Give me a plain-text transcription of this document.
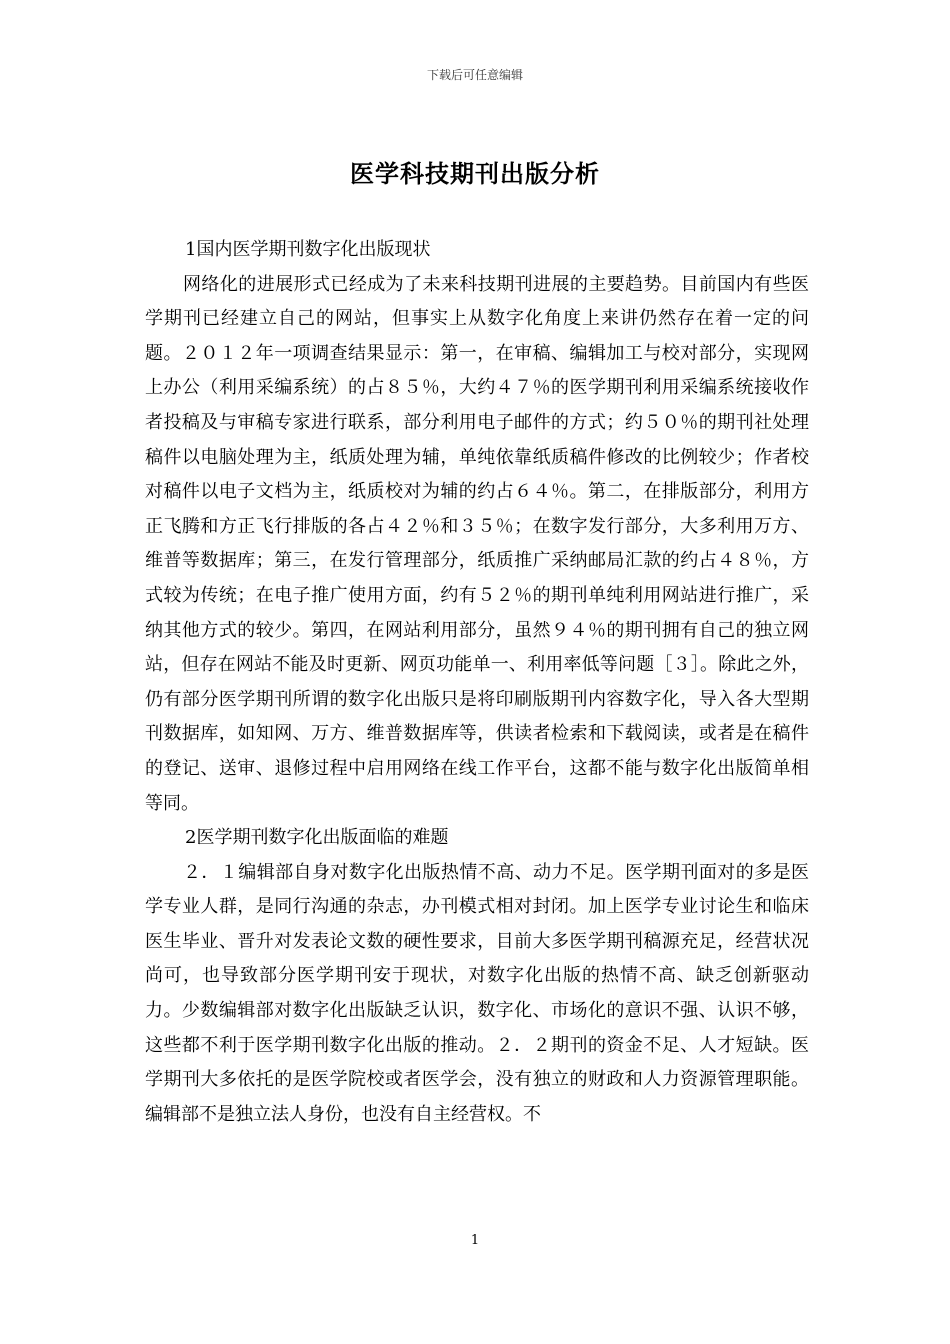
下载后可任意编辑
医学科技期刊出版分析

1国内医学期刊数字化出版现状

网络化的进展形式已经成为了未来科技期刊进展的主要趋势。目前国内有些医学期刊已经建立自己的网站，但事实上从数字化角度上来讲仍然存在着一定的问题。２０１２年一项调查结果显示：第一，在审稿、编辑加工与校对部分，实现网上办公（利用采编系统）的占８５％，大约４７％的医学期刊利用采编系统接收作者投稿及与审稿专家进行联系，部分利用电子邮件的方式；约５０％的期刊社处理稿件以电脑处理为主，纸质处理为辅，单纯依靠纸质稿件修改的比例较少；作者校对稿件以电子文档为主，纸质校对为辅的约占６４％。第二，在排版部分，利用方正飞腾和方正飞行排版的各占４２％和３５％；在数字发行部分，大多利用万方、维普等数据库；第三，在发行管理部分，纸质推广采纳邮局汇款的约占４８％，方式较为传统；在电子推广使用方面，约有５２％的期刊单纯利用网站进行推广，采纳其他方式的较少。第四，在网站利用部分，虽然９４％的期刊拥有自己的独立网站，但存在网站不能及时更新、网页功能单一、利用率低等问题［３］。除此之外，仍有部分医学期刊所谓的数字化出版只是将印刷版期刊内容数字化，导入各大型期刊数据库，如知网、万方、维普数据库等，供读者检索和下载阅读，或者是在稿件的登记、送审、退修过程中启用网络在线工作平台，这都不能与数字化出版简单相等同。

2医学期刊数字化出版面临的难题

２．１编辑部自身对数字化出版热情不高、动力不足。医学期刊面对的多是医学专业人群，是同行沟通的杂志，办刊模式相对封闭。加上医学专业讨论生和临床医生毕业、晋升对发表论文数的硬性要求，目前大多医学期刊稿源充足，经营状况尚可，也导致部分医学期刊安于现状，对数字化出版的热情不高、缺乏创新驱动力。少数编辑部对数字化出版缺乏认识，数字化、市场化的意识不强、认识不够，这些都不利于医学期刊数字化出版的推动。２．２期刊的资金不足、人才短缺。医学期刊大多依托的是医学院校或者医学会，没有独立的财政和人力资源管理职能。编辑部不是独立法人身份，也没有自主经营权。不

1
